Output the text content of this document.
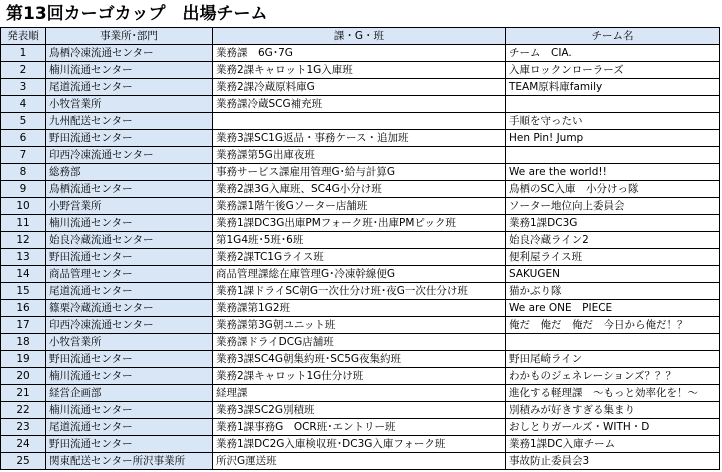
第13回カーゴカップ　出場チーム
発表順	事業所･部門	課・G・班	チーム名
1	鳥栖冷凍流通センター	業務課　6G･7G	チーム　CIA.
2	楠川流通センター	業務2課キャロット1G入庫班	入庫ロックンローラーズ
3	尾道流通センター	業務2課冷蔵原料庫G	TEAM原料庫family
4	小牧営業所	業務課冷蔵SCG補充班	
5	九州配送センター		手順を守ったい
6	野田流通センター	業務3課SC1G返品・事務ケース・追加班	Hen Pin! Jump
7	印西冷凍流通センター	業務課第5G出庫夜班	
8	総務部	事務サービス課雇用管理G･給与計算G	We are the world!!
9	鳥栖流通センター	業務2課3G入庫班、SC4G小分け班	鳥栖のSC入庫　小分けっ隊
10	小野営業所	業務課1階午後Gソーター店舗班	ソーター地位向上委員会
11	楠川流通センター	業務1課DC3G出庫PMフォーク班･出庫PMピック班	業務1課DC3G
12	始良冷蔵流通センター	第1G4班･5班･6班	始良冷蔵ライン2
13	野田流通センター	業務2課TC1Gライス班	便利屋ライス班
14	商品管理センター	商品管理課総在庫管理G･冷凍幹線便G	SAKUGEN
15	尾道流通センター	業務1課ドライSC朝G一次仕分け班･夜G一次仕分け班	猫かぶり隊
16	篠栗冷蔵流通センター	業務課第1G2班	We are ONE　PIECE
17	印西冷凍流通センター	業務課第3G朝ユニット班	俺だ　俺だ　俺だ　今日から俺だ！？
18	小牧営業所	業務課ドライDCG店舗班	
19	野田流通センター	業務3課SC4G朝集約班･SC5G夜集約班	野田尾崎ライン
20	楠川流通センター	業務2課キャロット1G仕分け班	わかものジェネレーションズ？？？
21	経営企画部	経理課	進化する軽理課　～もっと効率化を！～
22	楠川流通センター	業務3課SC2G別積班	別積みが好きすぎる集まり
23	尾道流通センター	業務1課事務G　OCR班･エントリー班	おしとりガールズ・WITH・D
24	野田流通センター	業務1課DC2G入庫検収班･DC3G入庫フォーク班	業務1課DC入庫チーム
25	関東配送センター所沢事業所	所沢G運送班	事故防止委員会3
